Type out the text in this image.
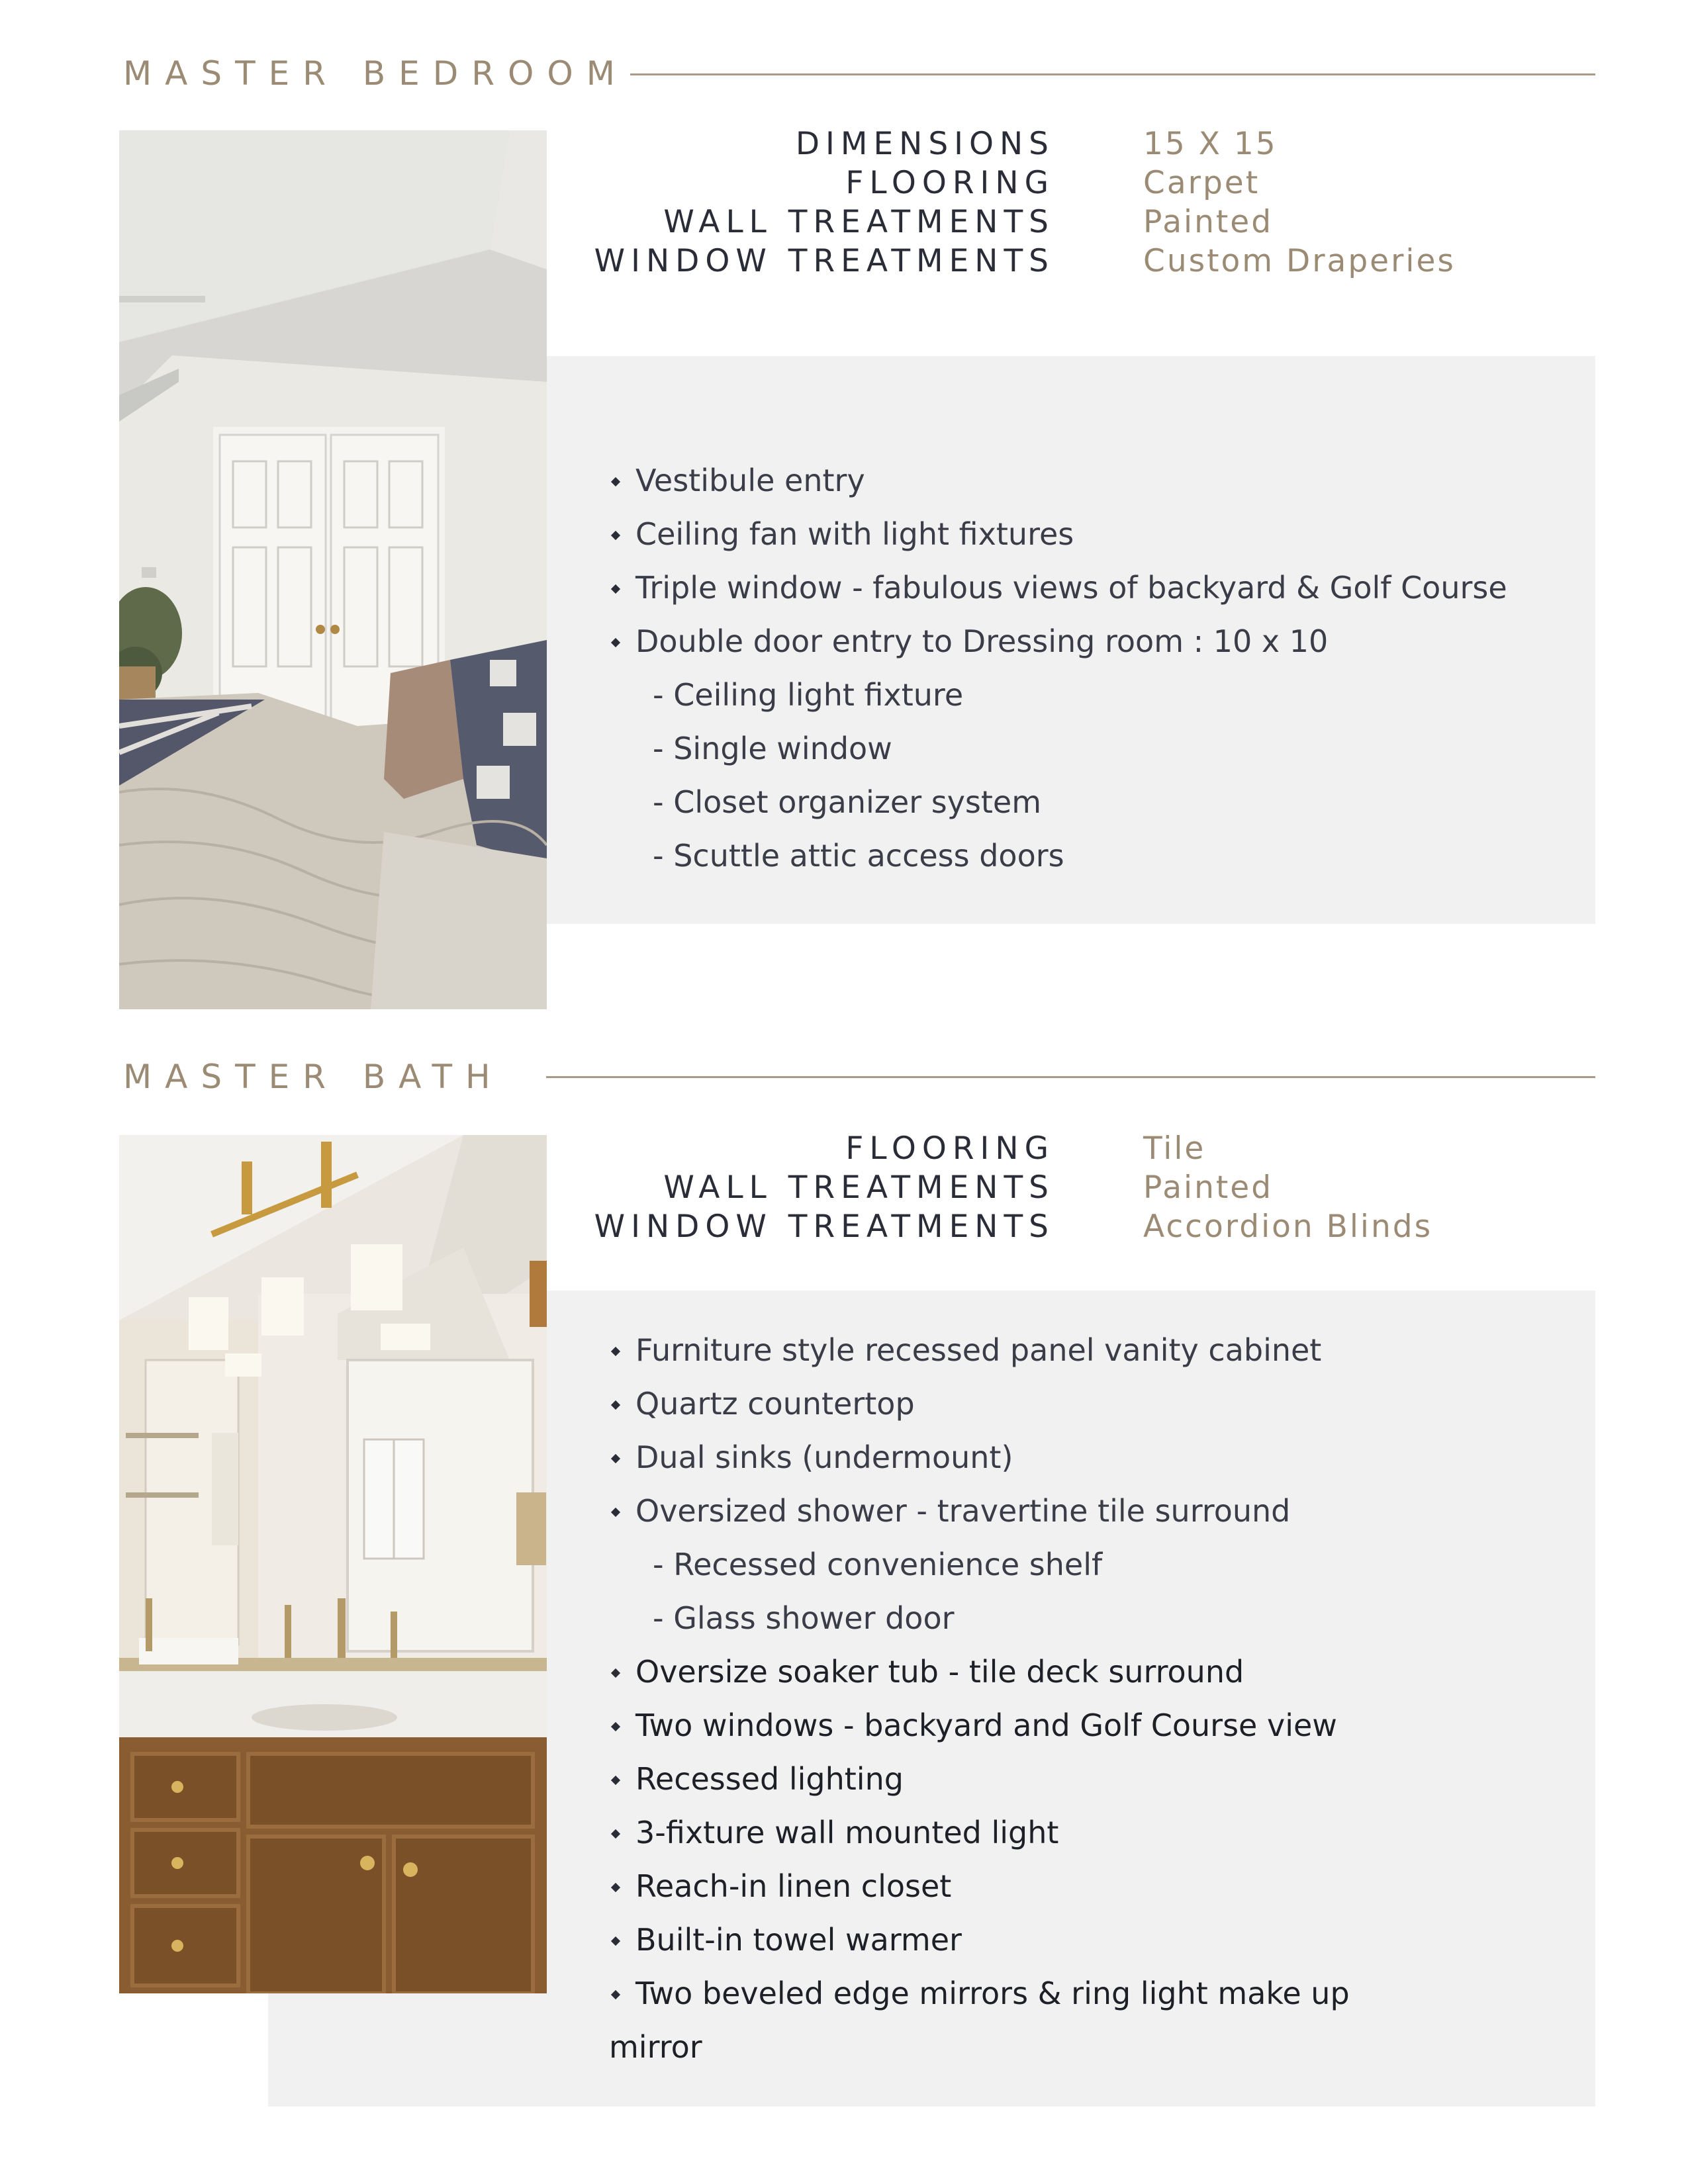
MASTER BEDROOM
DIMENSIONS	15 X 15
FLOORING	Carpet
WALL TREATMENTS	Painted
WINDOW TREATMENTS	Custom Draperies
Vestibule entry
Ceiling fan with light fixtures
Triple window - fabulous views of backyard & Golf Course
Double door entry to Dressing room : 10 x 10
- Ceiling light fixture
- Single window
- Closet organizer system
- Scuttle attic access doors
MASTER BATH
FLOORING	Tile
WALL TREATMENTS	Painted
WINDOW TREATMENTS	Accordion Blinds
Furniture style recessed panel vanity cabinet
Quartz countertop
Dual sinks (undermount)
Oversized shower - travertine tile surround
- Recessed convenience shelf
- Glass shower door
Oversize soaker tub - tile deck surround
Two windows - backyard and Golf Course view
Recessed lighting
3-fixture wall mounted light
Reach-in linen closet
Built-in towel warmer
Two beveled edge mirrors & ring light make up
mirror
